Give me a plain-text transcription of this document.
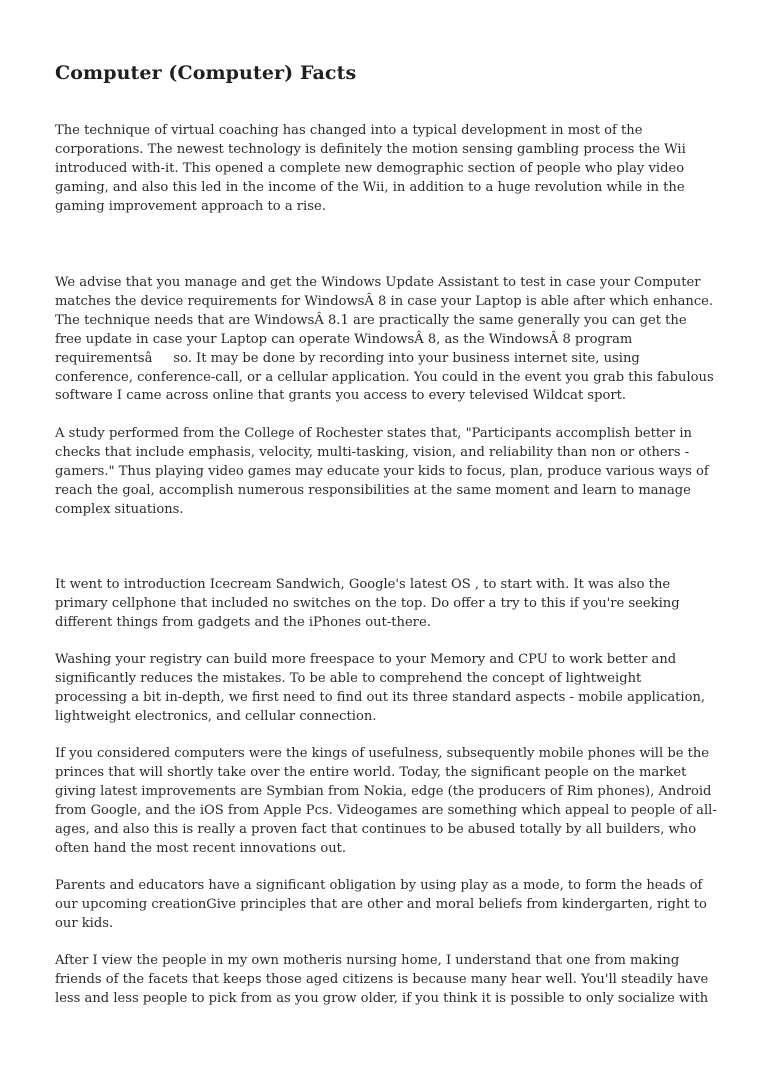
Computer (Computer) Facts

The technique of virtual coaching has changed into a typical development in most of the corporations. The newest technology is definitely the motion sensing gambling process the Wii introduced with-it. This opened a complete new demographic section of people who play video gaming, and also this led in the income of the Wii, in addition to a huge revolution while in the gaming improvement approach to a rise.

We advise that you manage and get the Windows Update Assistant to test in case your Computer matches the device requirements for WindowsÂ 8 in case your Laptop is able after which enhance. The technique needs that are WindowsÂ 8.1 are practically the same generally you can get the free update in case your Laptop can operate WindowsÂ 8, as the WindowsÂ 8 program requirementsâso. It may be done by recording into your business internet site, using conference, conference-call, or a cellular application. You could in the event you grab this fabulous software I came across online that grants you access to every televised Wildcat sport.

A study performed from the College of Rochester states that, "Participants accomplish better in checks that include emphasis, velocity, multi-tasking, vision, and reliability than non or others - gamers." Thus playing video games may educate your kids to focus, plan, produce various ways of reach the goal, accomplish numerous responsibilities at the same moment and learn to manage complex situations.

It went to introduction Icecream Sandwich, Google's latest OS , to start with. It was also the primary cellphone that included no switches on the top. Do offer a try to this if you're seeking different things from gadgets and the iPhones out-there.

Washing your registry can build more freespace to your Memory and CPU to work better and significantly reduces the mistakes. To be able to comprehend the concept of lightweight processing a bit in-depth, we first need to find out its three standard aspects - mobile application, lightweight electronics, and cellular connection.

If you considered computers were the kings of usefulness, subsequently mobile phones will be the princes that will shortly take over the entire world. Today, the significant people on the market giving latest improvements are Symbian from Nokia, edge (the producers of Rim phones), Android from Google, and the iOS from Apple Pcs. Videogames are something which appeal to people of all-ages, and also this is really a proven fact that continues to be abused totally by all builders, who often hand the most recent innovations out.

Parents and educators have a significant obligation by using play as a mode, to form the heads of our upcoming creationGive principles that are other and moral beliefs from kindergarten, right to our kids.

After I view the people in my own motheris nursing home, I understand that one from making friends of the facets that keeps those aged citizens is because many hear well. You'll steadily have less and less people to pick from as you grow older, if you think it is possible to only socialize with
